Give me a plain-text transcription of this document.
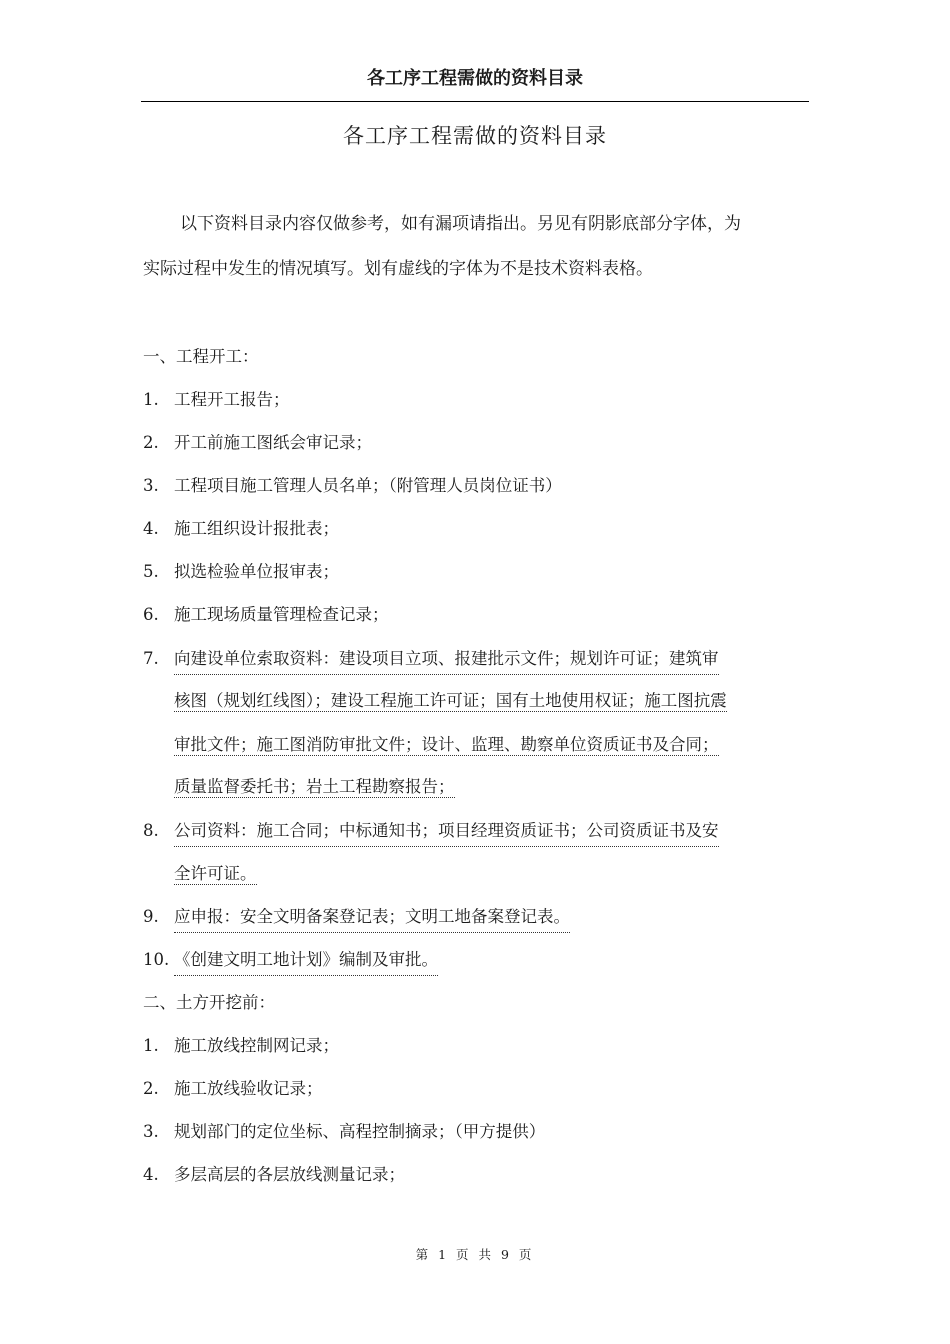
各工序工程需做的资料目录
各工序工程需做的资料目录
以下资料目录内容仅做参考，如有漏项请指出。另见有阴影底部分字体，为
实际过程中发生的情况填写。划有虚线的字体为不是技术资料表格。
一、工程开工：
1. 工程开工报告；
2. 开工前施工图纸会审记录；
3. 工程项目施工管理人员名单；（附管理人员岗位证书）
4. 施工组织设计报批表；
5. 拟选检验单位报审表；
6. 施工现场质量管理检查记录；
7. 向建设单位索取资料：建设项目立项、报建批示文件；规划许可证；建筑审
核图（规划红线图）；建设工程施工许可证；国有土地使用权证；施工图抗震
审批文件；施工图消防审批文件；设计、监理、勘察单位资质证书及合同；
质量监督委托书；岩土工程勘察报告；
8. 公司资料：施工合同；中标通知书；项目经理资质证书；公司资质证书及安
全许可证。
9. 应申报：安全文明备案登记表；文明工地备案登记表。
10. 《创建文明工地计划》编制及审批。
二、土方开挖前：
1. 施工放线控制网记录；
2. 施工放线验收记录；
3. 规划部门的定位坐标、高程控制摘录；（甲方提供）
4. 多层高层的各层放线测量记录；
第 1 页 共 9 页
